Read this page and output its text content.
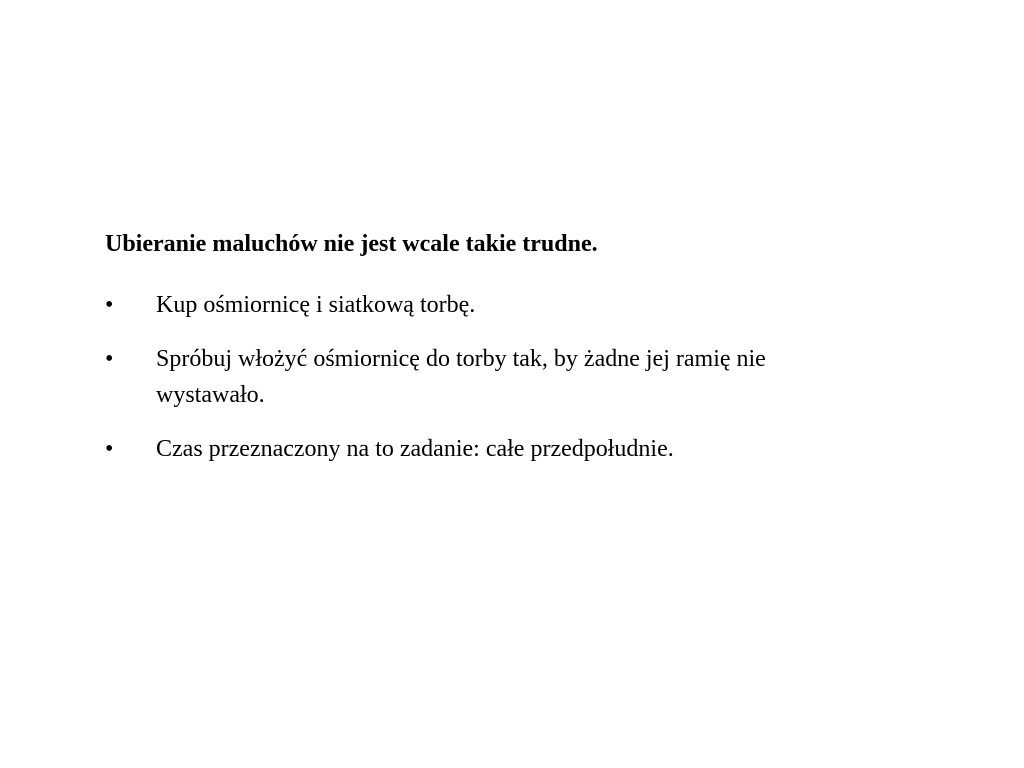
Ubieranie maluchów nie jest wcale takie trudne.
•	Kup ośmiornicę i siatkową torbę.
•	Spróbuj włożyć ośmiornicę do torby tak, by żadne jej ramię nie wystawało.
•	Czas przeznaczony na to zadanie: całe przedpołudnie.
